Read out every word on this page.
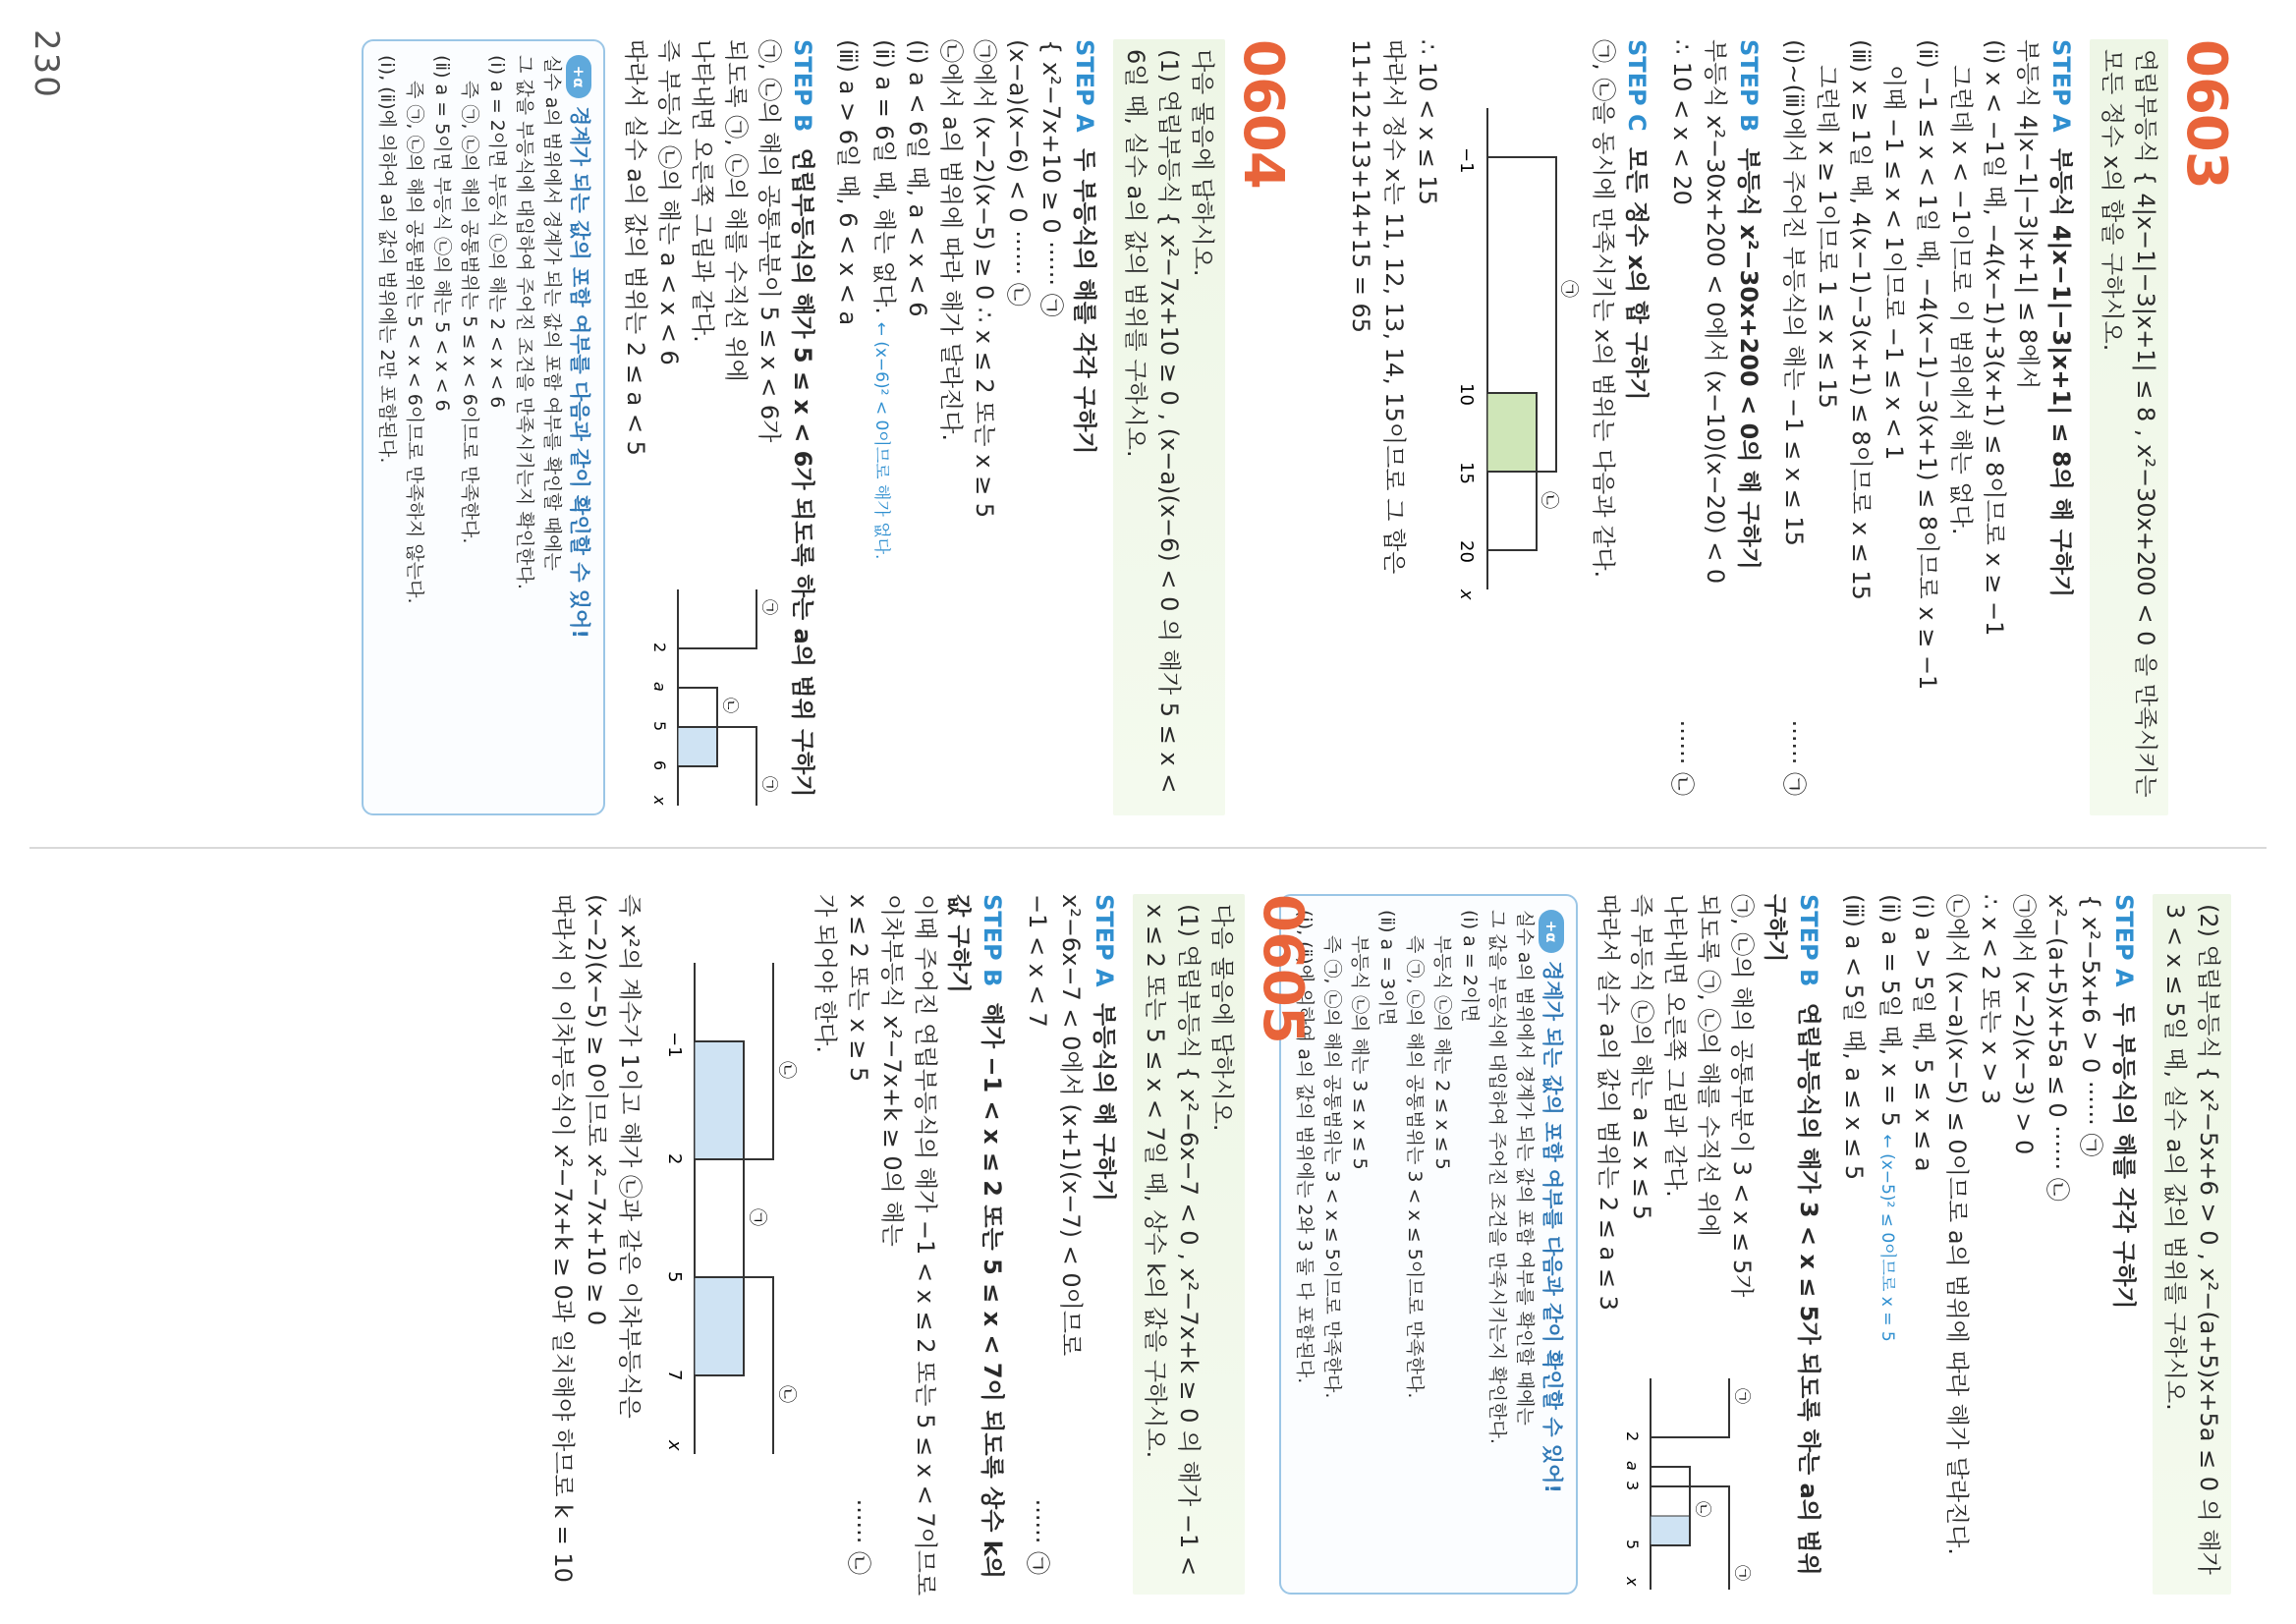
0603
연립부등식 { 4|x−1|−3|x+1| ≤ 8 , x²−30x+200 < 0 을 만족시키는 모든 정수 x의 합을 구하시오.
STEP A 부등식 4|x−1|−3|x+1| ≤ 8의 해 구하기
부등식 4|x−1|−3|x+1| ≤ 8에서
(ⅰ) x < −1일 때, −4(x−1)+3(x+1) ≤ 8이므로 x ≥ −1
그런데 x < −1이므로 이 범위에서 해는 없다.
(ⅱ) −1 ≤ x < 1일 때, −4(x−1)−3(x+1) ≤ 8이므로 x ≥ −1
이때 −1 ≤ x < 1이므로 −1 ≤ x < 1
(ⅲ) x ≥ 1일 때, 4(x−1)−3(x+1) ≤ 8이므로 x ≤ 15
그런데 x ≥ 1이므로 1 ≤ x ≤ 15
(ⅰ)~(ⅲ)에서 주어진 부등식의 해는 −1 ≤ x ≤ 15
······ ㉠
STEP B 부등식 x²−30x+200 < 0의 해 구하기
부등식 x²−30x+200 < 0에서 (x−10)(x−20) < 0
∴ 10 < x < 20
······ ㉡
STEP C 모든 정수 x의 합 구하기
㉠, ㉡을 동시에 만족시키는 x의 범위는 다음과 같다.
㉠
㉡
−1
10
15
20
x
∴ 10 < x ≤ 15
따라서 정수 x는 11, 12, 13, 14, 15이므로 그 합은
11+12+13+14+15 = 65
0604
다음 물음에 답하시오.
(1) 연립부등식 { x²−7x+10 ≥ 0 , (x−a)(x−6) < 0 의 해가 5 ≤ x < 6일 때, 실수 a의 값의 범위를 구하시오.
STEP A 두 부등식의 해를 각각 구하기
{ x²−7x+10 ≥ 0 ······ ㉠
(x−a)(x−6) < 0 ······ ㉡
㉠에서 (x−2)(x−5) ≥ 0 ∴ x ≤ 2 또는 x ≥ 5
㉡에서 a의 범위에 따라 해가 달라진다.
(ⅰ) a < 6일 때, a < x < 6
(ⅱ) a = 6일 때, 해는 없다. ← (x−6)² < 0이므로 해가 없다.
(ⅲ) a > 6일 때, 6 < x < a
STEP B 연립부등식의 해가 5 ≤ x < 6가 되도록 하는 a의 범위 구하기
㉠, ㉡의 해의 공통부분이 5 ≤ x < 6가
되도록 ㉠, ㉡의 해를 수직선 위에
나타내면 오른쪽 그림과 같다.
즉 부등식 ㉡의 해는 a < x < 6
따라서 실수 a의 값의 범위는 2 ≤ a < 5
㉠
㉡
㉠
2
a
5
6
x
+α경계가 되는 값의 포함 여부를 다음과 같이 확인할 수 있어!
실수 a의 범위에서 경계가 되는 값의 포함 여부를 확인할 때에는
그 값을 부등식에 대입하여 주어진 조건을 만족시키는지 확인한다.
(ⅰ) a = 2이면 부등식 ㉡의 해는 2 < x < 6
즉 ㉠, ㉡의 해의 공통범위는 5 ≤ x < 6이므로 만족한다.
(ⅱ) a = 5이면 부등식 ㉡의 해는 5 < x < 6
즉 ㉠, ㉡의 해의 공통범위는 5 < x < 6이므로 만족하지 않는다.
(ⅰ), (ⅱ)에 의하여 a의 값의 범위에는 2만 포함된다.
230
(2) 연립부등식 { x²−5x+6 > 0 , x²−(a+5)x+5a ≤ 0 의 해가 3 < x ≤ 5일 때, 실수 a의 값의 범위를 구하시오.
STEP A 두 부등식의 해를 각각 구하기
{ x²−5x+6 > 0 ······ ㉠
x²−(a+5)x+5a ≤ 0 ······ ㉡
㉠에서 (x−2)(x−3) > 0
∴ x < 2 또는 x > 3
㉡에서 (x−a)(x−5) ≤ 0이므로 a의 범위에 따라 해가 달라진다.
(ⅰ) a > 5일 때, 5 ≤ x ≤ a
(ⅱ) a = 5일 때, x = 5 ← (x−5)² ≤ 0이므로 x = 5
(ⅲ) a < 5일 때, a ≤ x ≤ 5
STEP B 연립부등식의 해가 3 < x ≤ 5가 되도록 하는 a의 범위 구하기
㉠, ㉡의 해의 공통부분이 3 < x ≤ 5가
되도록 ㉠, ㉡의 해를 수직선 위에
나타내면 오른쪽 그림과 같다.
즉 부등식 ㉡의 해는 a ≤ x ≤ 5
따라서 실수 a의 값의 범위는 2 ≤ a ≤ 3
㉠
㉡
㉠
2
a
3
5
x
+α경계가 되는 값의 포함 여부를 다음과 같이 확인할 수 있어!
실수 a의 범위에서 경계가 되는 값의 포함 여부를 확인할 때에는
그 값을 부등식에 대입하여 주어진 조건을 만족시키는지 확인한다.
(ⅰ) a = 2이면
부등식 ㉡의 해는 2 ≤ x ≤ 5
즉 ㉠, ㉡의 해의 공통범위는 3 < x ≤ 5이므로 만족한다.
(ⅱ) a = 3이면
부등식 ㉡의 해는 3 ≤ x ≤ 5
즉 ㉠, ㉡의 해의 공통범위는 3 < x ≤ 5이므로 만족한다.
(ⅰ), (ⅱ)에 의하여 a의 값의 범위에는 2와 3 둘 다 포함된다.
0605
다음 물음에 답하시오.
(1) 연립부등식 { x²−6x−7 < 0 , x²−7x+k ≥ 0 의 해가 −1 < x ≤ 2 또는 5 ≤ x < 7일 때, 상수 k의 값을 구하시오.
STEP A 부등식의 해 구하기
x²−6x−7 < 0에서 (x+1)(x−7) < 0이므로
−1 < x < 7
······ ㉠
STEP B 해가 −1 < x ≤ 2 또는 5 ≤ x < 7이 되도록 상수 k의 값 구하기
이때 주어진 연립부등식의 해가 −1 < x ≤ 2 또는 5 ≤ x < 7이므로
이차부등식 x²−7x+k ≥ 0의 해는
x ≤ 2 또는 x ≥ 5
······ ㉡
가 되어야 한다.
㉡
㉠
㉡
−1
2
5
7
x
즉 x²의 계수가 1이고 해가 ㉡과 같은 이차부등식은
(x−2)(x−5) ≥ 0이므로 x²−7x+10 ≥ 0
따라서 이 이차부등식이 x²−7x+k ≥ 0과 일치해야 하므로 k = 10
